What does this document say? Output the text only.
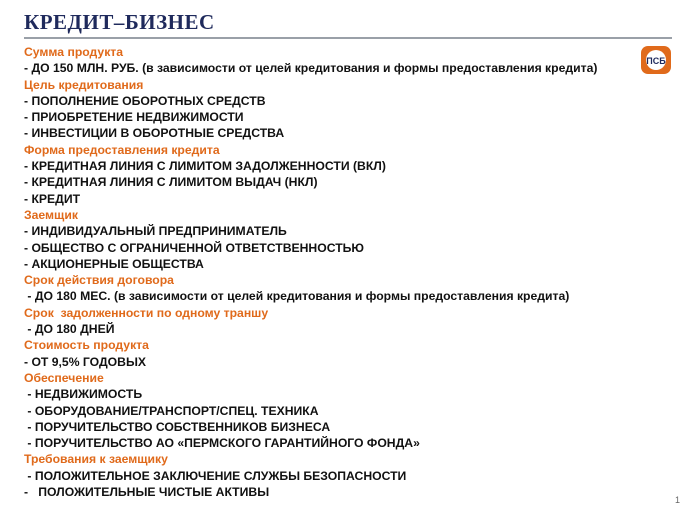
КРЕДИТ–БИЗНЕС
ПСБ
Сумма продукта
- ДО 150 МЛН. РУБ. (в зависимости от целей кредитования и формы предоставления кредита)
Цель кредитования
- ПОПОЛНЕНИЕ ОБОРОТНЫХ СРЕДСТВ
- ПРИОБРЕТЕНИЕ НЕДВИЖИМОСТИ
- ИНВЕСТИЦИИ В ОБОРОТНЫЕ СРЕДСТВА
Форма предоставления кредита
- КРЕДИТНАЯ ЛИНИЯ С ЛИМИТОМ ЗАДОЛЖЕННОСТИ (ВКЛ)
- КРЕДИТНАЯ ЛИНИЯ С ЛИМИТОМ ВЫДАЧ (НКЛ)
- КРЕДИТ
Заемщик
- ИНДИВИДУАЛЬНЫЙ ПРЕДПРИНИМАТЕЛЬ
- ОБЩЕСТВО С ОГРАНИЧЕННОЙ ОТВЕТСТВЕННОСТЬЮ
- АКЦИОНЕРНЫЕ ОБЩЕСТВА
Срок действия договора
- ДО 180 МЕС. (в зависимости от целей кредитования и формы предоставления кредита)
Срок  задолженности по одному траншу
- ДО 180 ДНЕЙ
Стоимость продукта
- ОТ 9,5% ГОДОВЫХ
Обеспечение
- НЕДВИЖИМОСТЬ
- ОБОРУДОВАНИЕ/ТРАНСПОРТ/СПЕЦ. ТЕХНИКА
- ПОРУЧИТЕЛЬСТВО СОБСТВЕННИКОВ БИЗНЕСА
- ПОРУЧИТЕЛЬСТВО АО «ПЕРМСКОГО ГАРАНТИЙНОГО ФОНДА»
Требования к заемщику
- ПОЛОЖИТЕЛЬНОЕ ЗАКЛЮЧЕНИЕ СЛУЖБЫ БЕЗОПАСНОСТИ
-   ПОЛОЖИТЕЛЬНЫЕ ЧИСТЫЕ АКТИВЫ
1
